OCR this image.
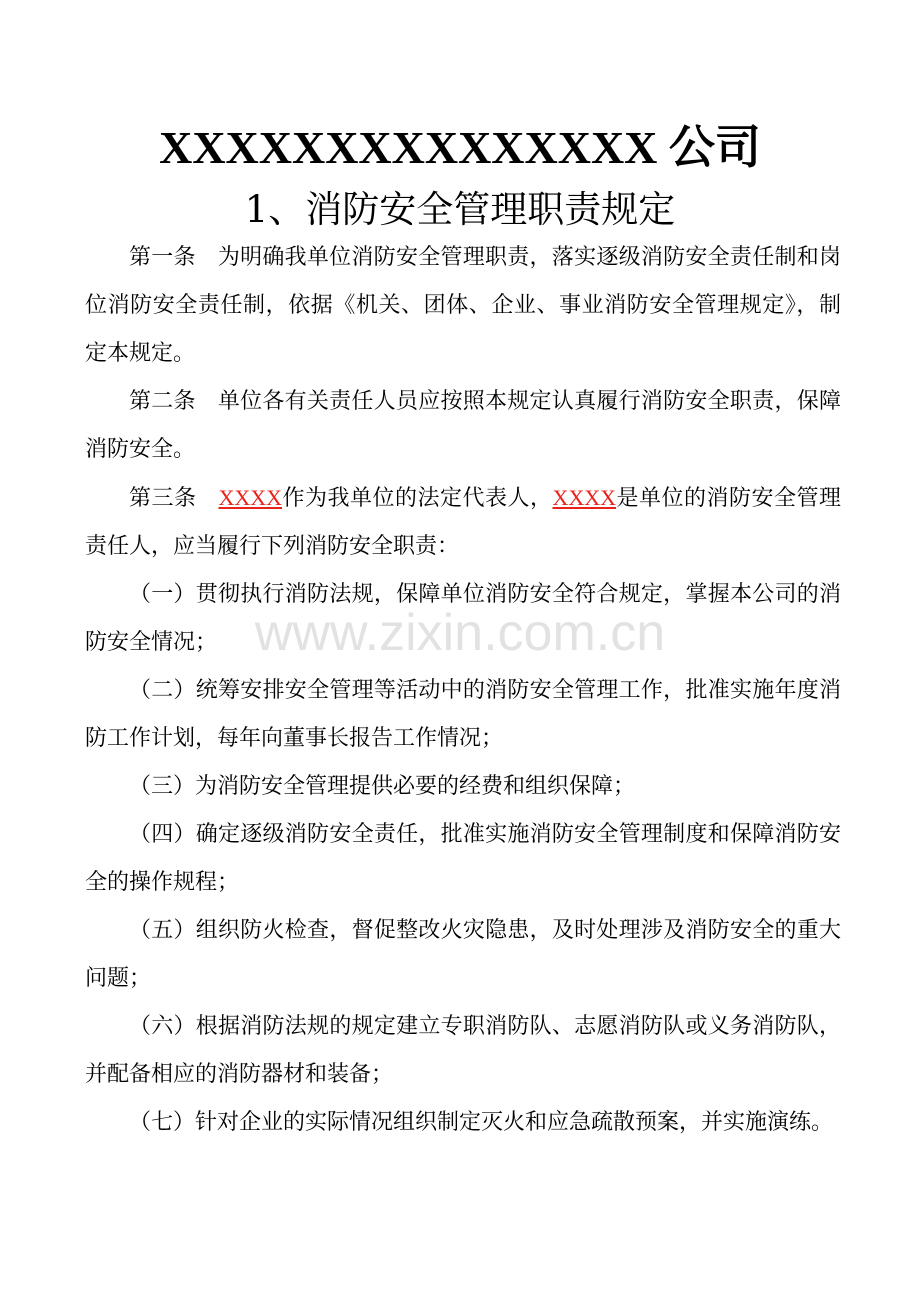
XXXXXXXXXXXXXXX 公司
1、消防安全管理职责规定

第一条 为明确我单位消防安全管理职责，落实逐级消防安全责任制和岗位消防安全责任制，依据《机关、团体、企业、事业消防安全管理规定》，制定本规定。

第二条 单位各有关责任人员应按照本规定认真履行消防安全职责，保障消防安全。

第三条 XXXX作为我单位的法定代表人，XXXX是单位的消防安全管理责任人，应当履行下列消防安全职责：

（一）贯彻执行消防法规，保障单位消防安全符合规定，掌握本公司的消防安全情况；

（二）统筹安排安全管理等活动中的消防安全管理工作，批准实施年度消防工作计划，每年向董事长报告工作情况；

（三）为消防安全管理提供必要的经费和组织保障；

（四）确定逐级消防安全责任，批准实施消防安全管理制度和保障消防安全的操作规程；

（五）组织防火检查，督促整改火灾隐患，及时处理涉及消防安全的重大问题；

（六）根据消防法规的规定建立专职消防队、志愿消防队或义务消防队，并配备相应的消防器材和装备；

（七）针对企业的实际情况组织制定灭火和应急疏散预案，并实施演练。

www.zixin.com.cn
